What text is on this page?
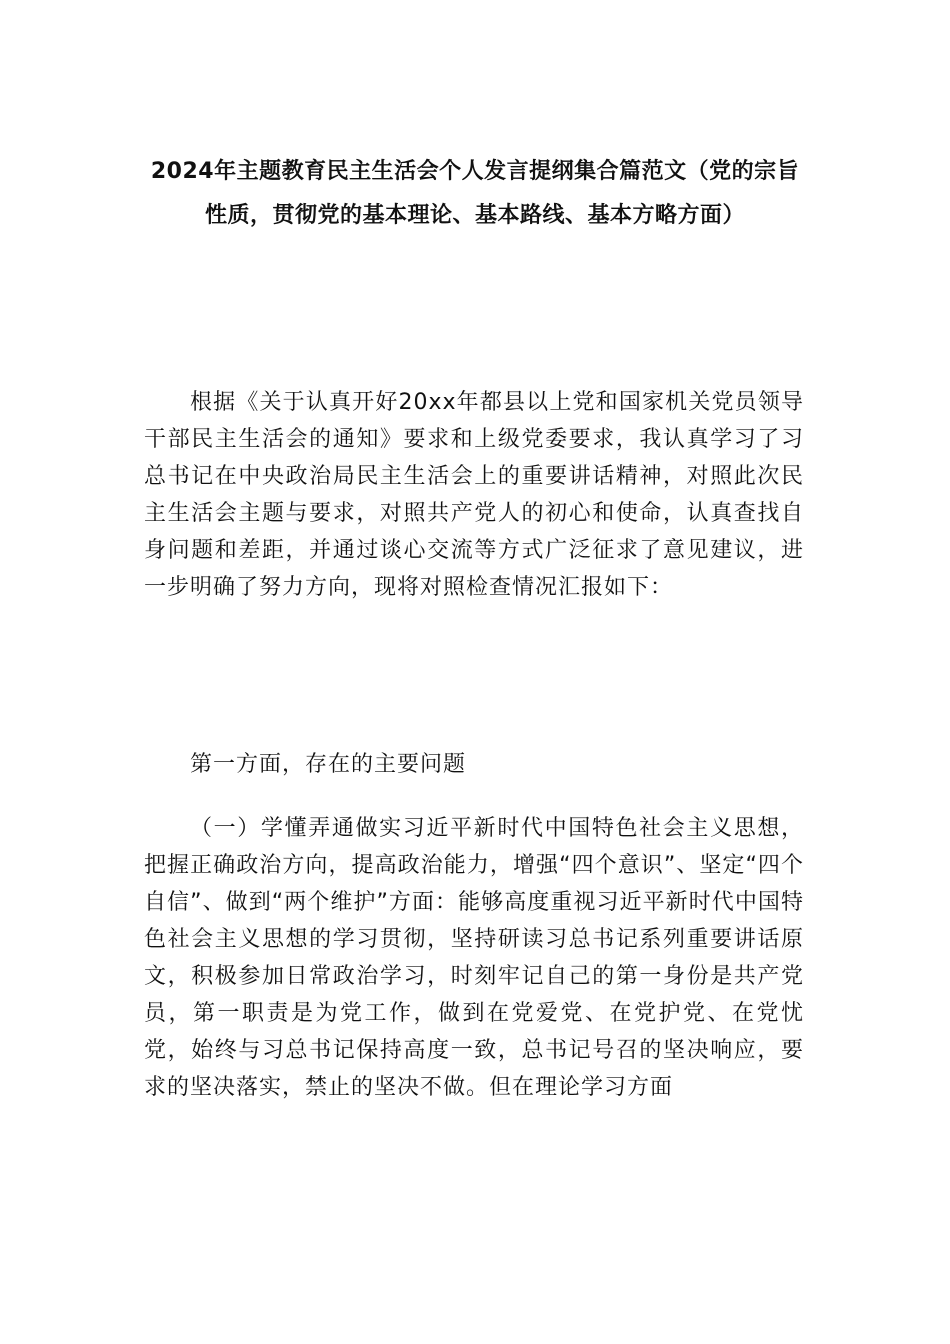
2024年主题教育民主生活会个人发言提纲集合篇范文（党的宗旨性质，贯彻党的基本理论、基本路线、基本方略方面）

根据《关于认真开好20xx年都县以上党和国家机关党员领导干部民主生活会的通知》要求和上级党委要求，我认真学习了习总书记在中央政治局民主生活会上的重要讲话精神，对照此次民主生活会主题与要求，对照共产党人的初心和使命，认真查找自身问题和差距，并通过谈心交流等方式广泛征求了意见建议，进一步明确了努力方向，现将对照检查情况汇报如下：

第一方面，存在的主要问题

（一）学懂弄通做实习近平新时代中国特色社会主义思想，把握正确政治方向，提高政治能力，增强“四个意识”、坚定“四个自信”、做到“两个维护”方面：能够高度重视习近平新时代中国特色社会主义思想的学习贯彻，坚持研读习总书记系列重要讲话原文，积极参加日常政治学习，时刻牢记自己的第一身份是共产党员，第一职责是为党工作，做到在党爱党、在党护党、在党忧党，始终与习总书记保持高度一致，总书记号召的坚决响应，要求的坚决落实，禁止的坚决不做。但在理论学习方面
